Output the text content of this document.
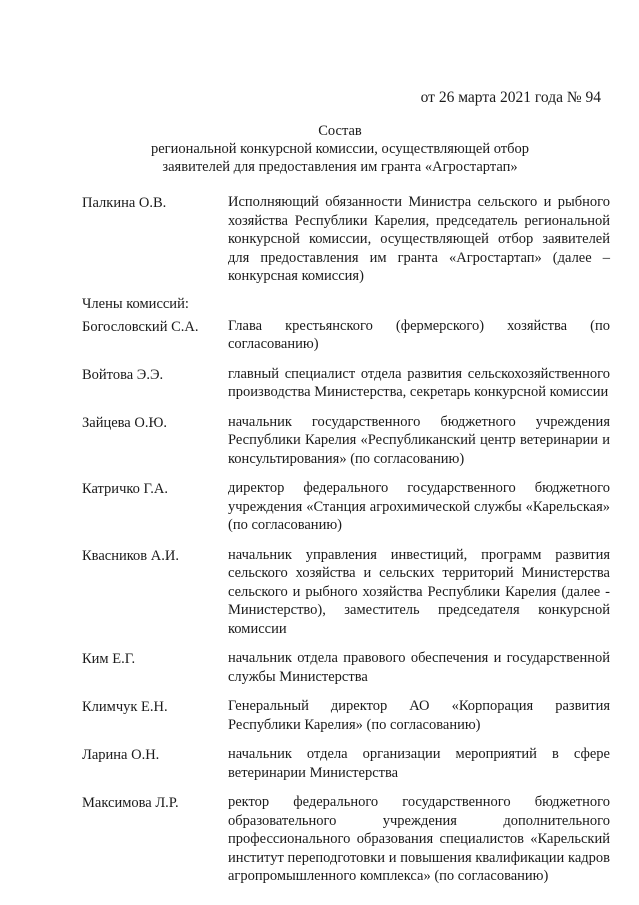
от 26 марта 2021 года № 94
Состав
региональной конкурсной комиссии, осуществляющей отбор
заявителей для предоставления им гранта «Агростартап»
Палкина О.В.	Исполняющий обязанности Министра сельского и рыбного хозяйства Республики Карелия, председатель региональной конкурсной комиссии, осуществляющей отбор заявителей для предоставления им гранта «Агростартап» (далее – конкурсная комиссия)
Члены комиссий:
Богословский С.А.	Глава крестьянского (фермерского) хозяйства (по согласованию)
Войтова Э.Э.	главный специалист отдела развития сельскохозяйственного производства Министерства, секретарь конкурсной комиссии
Зайцева О.Ю.	начальник государственного бюджетного учреждения Республики Карелия «Республиканский центр ветеринарии и консультирования» (по согласованию)
Катричко Г.А.	директор федерального государственного бюджетного учреждения «Станция агрохимической службы «Карельская» (по согласованию)
Квасников А.И.	начальник управления инвестиций, программ развития сельского хозяйства и сельских территорий Министерства сельского и рыбного хозяйства Республики Карелия (далее - Министерство), заместитель председателя конкурсной комиссии
Ким Е.Г.	начальник отдела правового обеспечения и государственной службы Министерства
Климчук Е.Н.	Генеральный директор АО «Корпорация развития Республики Карелия» (по согласованию)
Ларина О.Н.	начальник отдела организации мероприятий в сфере ветеринарии Министерства
Максимова Л.Р.	ректор федерального государственного бюджетного образовательного учреждения дополнительного профессионального образования специалистов «Карельский институт переподготовки и повышения квалификации кадров агропромышленного комплекса» (по согласованию)
